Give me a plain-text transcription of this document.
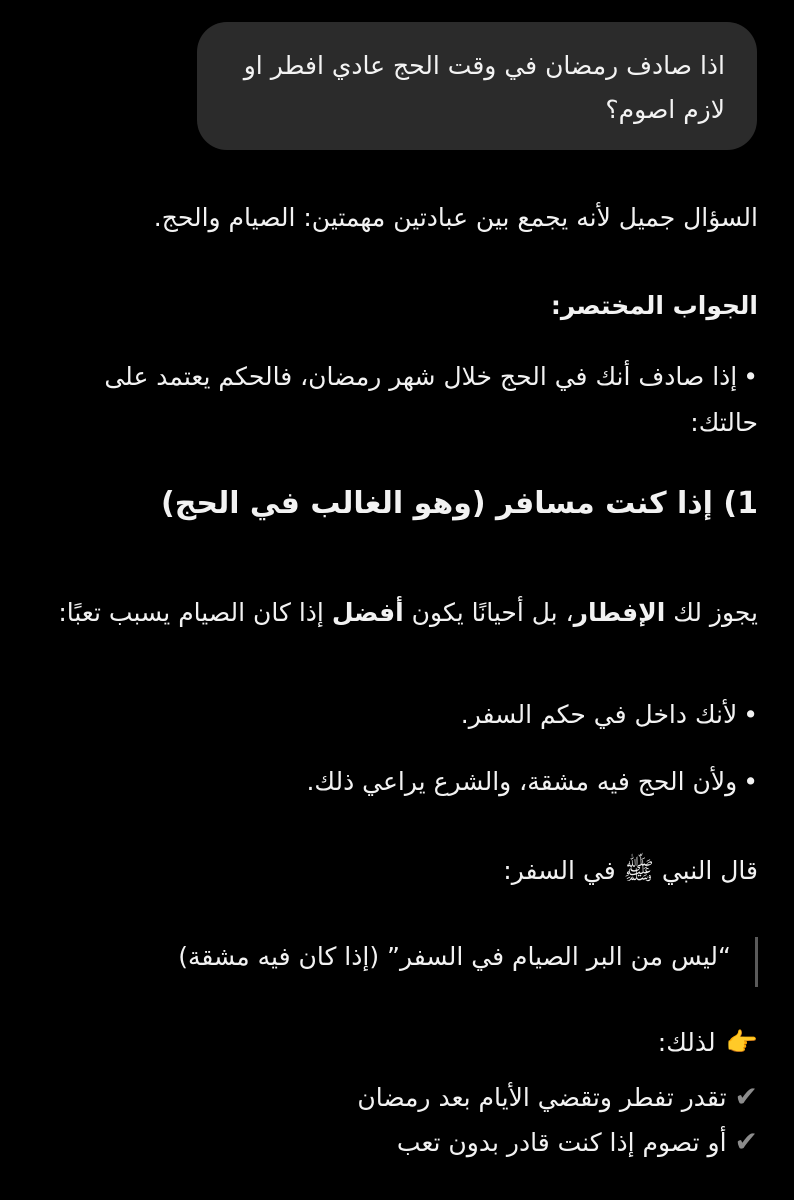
اذا صادف رمضان في وقت الحج عادي افطر او لازم اصوم؟
السؤال جميل لأنه يجمع بين عبادتين مهمتين: الصيام والحج.
الجواب المختصر:
•إذا صادف أنك في الحج خلال شهر رمضان، فالحكم يعتمد على حالتك:
1) إذا كنت مسافر (وهو الغالب في الحج)
يجوز لك الإفطار، بل أحيانًا يكون أفضل إذا كان الصيام يسبب تعبًا:
•لأنك داخل في حكم السفر.
•ولأن الحج فيه مشقة، والشرع يراعي ذلك.
قال النبي ﷺ في السفر:
“ليس من البر الصيام في السفر” (إذا كان فيه مشقة)
👉لذلك:
✔تقدر تفطر وتقضي الأيام بعد رمضان
✔أو تصوم إذا كنت قادر بدون تعب
